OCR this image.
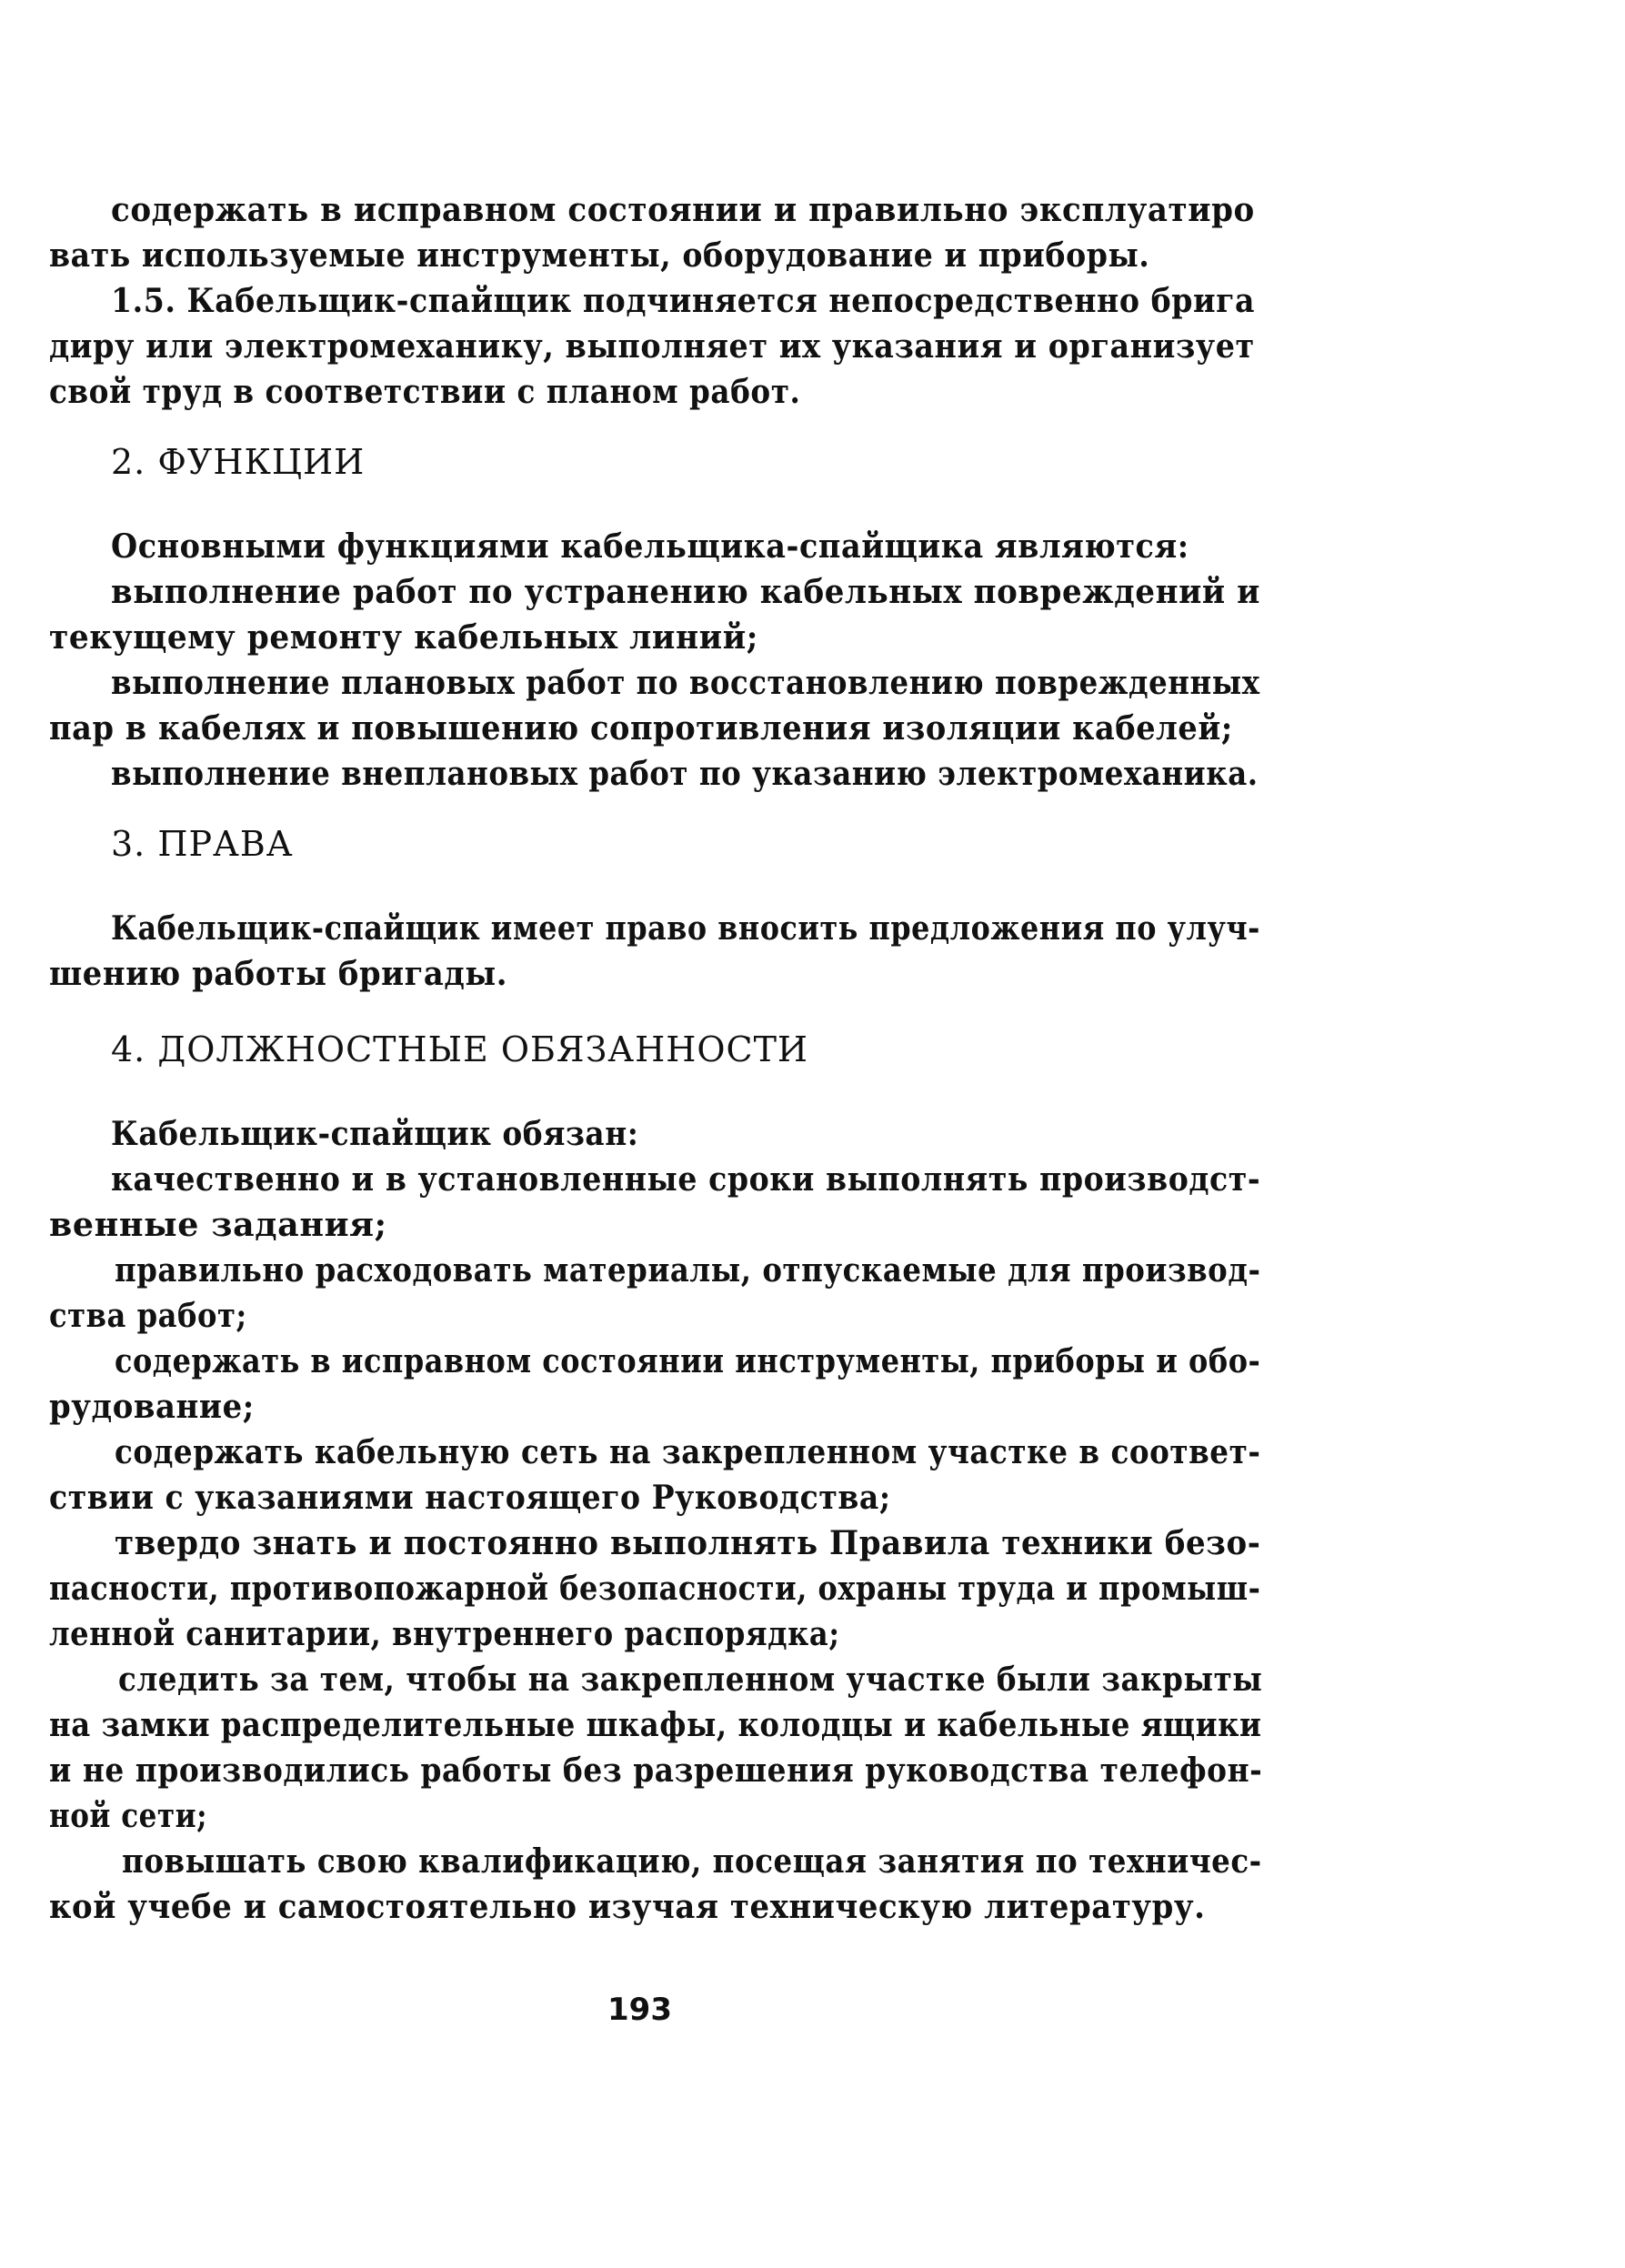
содержать в исправном состоянии и правильно эксплуатиро
вать используемые инструменты, оборудование и приборы.
1.5. Кабельщик-спайщик подчиняется непосредственно брига
диру или электромеханику, выполняет их указания и организует
свой труд в соответствии с планом работ.
2. ФУНКЦИИ
Основными функциями кабельщика-спайщика являются:
выполнение работ по устранению кабельных повреждений и
текущему ремонту кабельных линий;
выполнение плановых работ по восстановлению поврежденных
пар в кабелях и повышению сопротивления изоляции кабелей;
выполнение внеплановых работ по указанию электромеханика.
3. ПРАВА
Кабельщик-спайщик имеет право вносить предложения по улуч-
шению работы бригады.
4. ДОЛЖНОСТНЫЕ ОБЯЗАННОСТИ
Кабельщик-спайщик обязан:
качественно и в установленные сроки выполнять производст-
венные задания;
правильно расходовать материалы, отпускаемые для производ-
ства работ;
содержать в исправном состоянии инструменты, приборы и обо-
рудование;
содержать кабельную сеть на закрепленном участке в соответ-
ствии с указаниями настоящего Руководства;
твердо знать и постоянно выполнять Правила техники безо-
пасности, противопожарной безопасности, охраны труда и промыш-
ленной санитарии, внутреннего распорядка;
следить за тем, чтобы на закрепленном участке были закрыты
на замки распределительные шкафы, колодцы и кабельные ящики
и не производились работы без разрешения руководства телефон-
ной сети;
повышать свою квалификацию, посещая занятия по техничес-
кой учебе и самостоятельно изучая техническую литературу.
193
